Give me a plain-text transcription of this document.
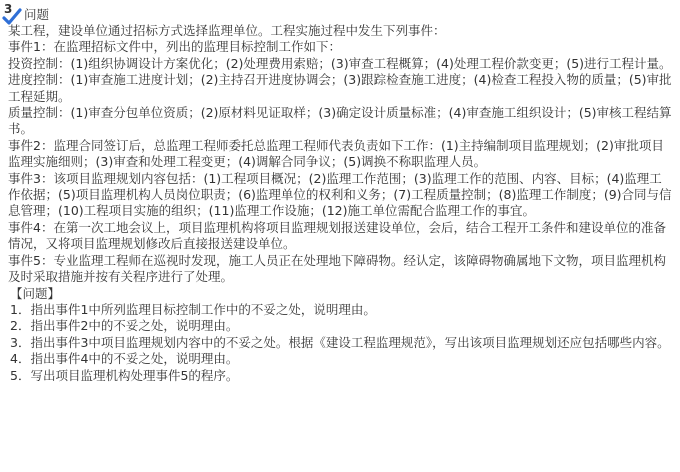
3 问题

某工程，建设单位通过招标方式选择监理单位。工程实施过程中发生下列事件：

事件1：在监理招标文件中，列出的监理目标控制工作如下：

投资控制：(1)组织协调设计方案优化；(2)处理费用索赔；(3)审查工程概算；(4)处理工程价款变更；(5)进行工程计量。

进度控制：(1)审查施工进度计划；(2)主持召开进度协调会；(3)跟踪检查施工进度；(4)检查工程投入物的质量；(5)审批工程延期。

质量控制：(1)审查分包单位资质；(2)原材料见证取样；(3)确定设计质量标准；(4)审查施工组织设计；(5)审核工程结算书。

事件2：监理合同签订后，总监理工程师委托总监理工程师代表负责如下工作：(1)主持编制项目监理规划；(2)审批项目监理实施细则；(3)审查和处理工程变更；(4)调解合同争议；(5)调换不称职监理人员。

事件3：该项目监理规划内容包括：(1)工程项目概况；(2)监理工作范围；(3)监理工作的范围、内容、目标；(4)监理工作依据；(5)项目监理机构人员岗位职责；(6)监理单位的权利和义务；(7)工程质量控制；(8)监理工作制度；(9)合同与信息管理；(10)工程项目实施的组织；(11)监理工作设施；(12)施工单位需配合监理工作的事宜。

事件4：在第一次工地会议上，项目监理机构将项目监理规划报送建设单位，会后，结合工程开工条件和建设单位的准备情况，又将项目监理规划修改后直接报送建设单位。

事件5：专业监理工程师在巡视时发现，施工人员正在处理地下障碍物。经认定，该障碍物确属地下文物，项目监理机构及时采取措施并按有关程序进行了处理。

【问题】

1．指出事件1中所列监理目标控制工作中的不妥之处，说明理由。

2．指出事件2中的不妥之处，说明理由。

3．指出事件3中项目监理规划内容中的不妥之处。根据《建设工程监理规范》，写出该项目监理规划还应包括哪些内容。

4．指出事件4中的不妥之处，说明理由。

5．写出项目监理机构处理事件5的程序。
